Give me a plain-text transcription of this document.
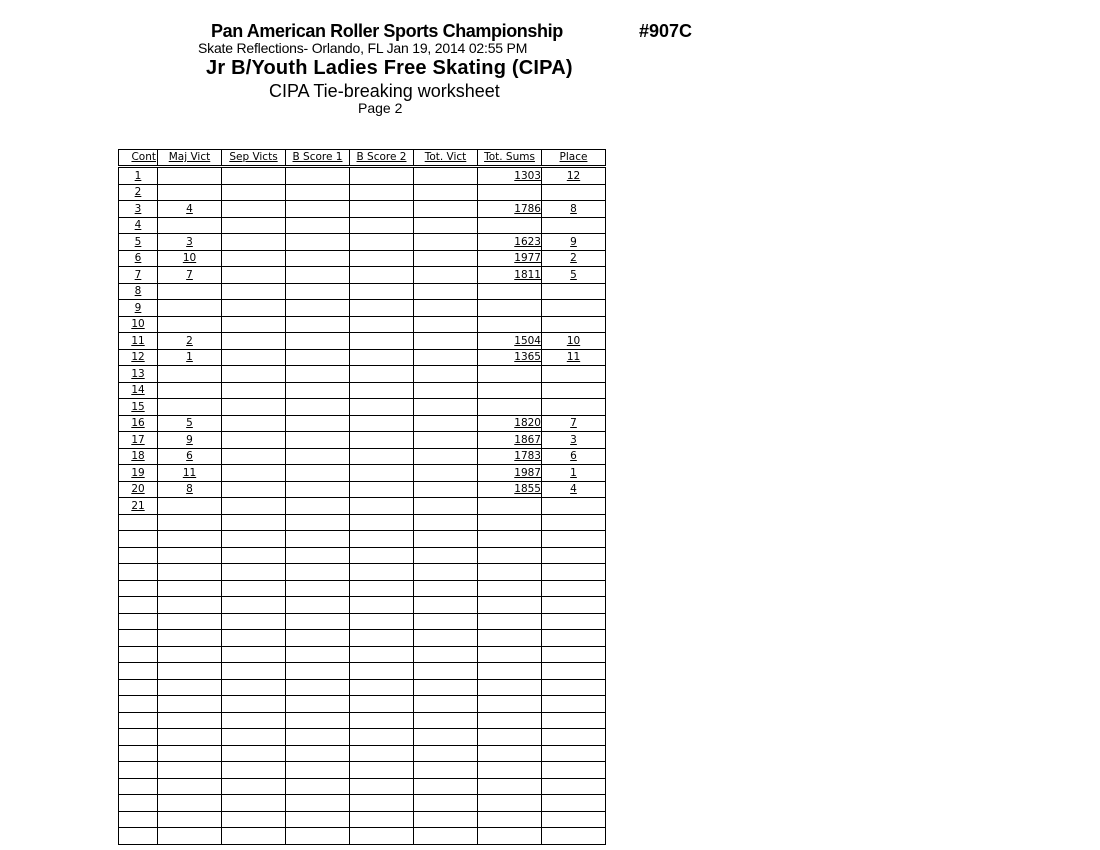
Pan American Roller Sports Championship	#907C
Skate Reflections- Orlando, FL Jan 19, 2014 02:55 PM
Jr B/Youth Ladies Free Skating (CIPA)
CIPA Tie-breaking worksheet
Page 2
Cont	Maj Vict	Sep Victs	B Score 1	B Score 2	Tot. Vict	Tot. Sums	Place
1						1303	12
2							
3	4					1786	8
4							
5	3					1623	9
6	10					1977	2
7	7					1811	5
8							
9							
10							
11	2					1504	10
12	1					1365	11
13							
14							
15							
16	5					1820	7
17	9					1867	3
18	6					1783	6
19	11					1987	1
20	8					1855	4
21							
